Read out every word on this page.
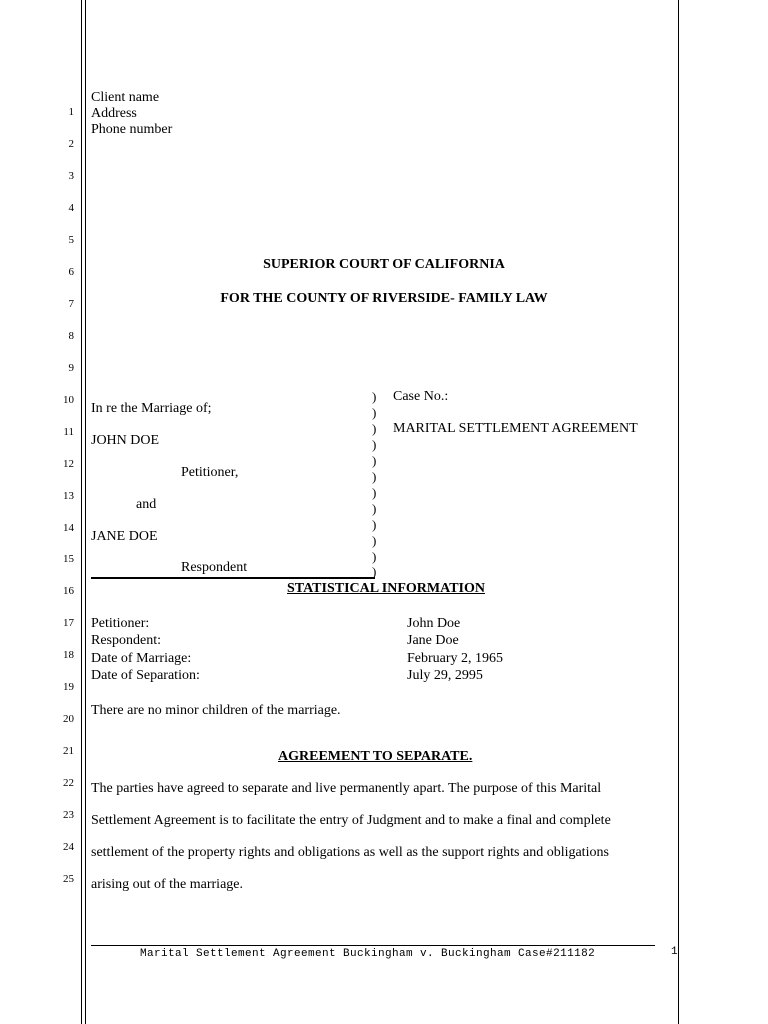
1
2
3
4
5
6
7
8
9
10
11
12
13
14
15
16
17
18
19
20
21
22
23
24
25
Client name
Address
Phone number
SUPERIOR COURT OF CALIFORNIA
FOR THE COUNTY OF RIVERSIDE- FAMILY LAW
In re the Marriage of;
JOHN DOE
Petitioner,
and
JANE DOE
Respondent
)
)
)
)
)
)
)
)
)
)
)
)
Case No.:
MARITAL SETTLEMENT AGREEMENT
STATISTICAL INFORMATION
Petitioner:	John Doe
Respondent:	Jane Doe
Date of Marriage:	February 2, 1965
Date of Separation:	July 29, 2995
There are no minor children of the marriage.
AGREEMENT TO SEPARATE.
The parties have agreed to separate and live permanently apart. The purpose of this Marital
Settlement Agreement is to facilitate the entry of Judgment and to make a final and complete
settlement of the property rights and obligations as well as the support rights and obligations
arising out of the marriage.
Marital Settlement Agreement Buckingham v. Buckingham Case#211182	1
